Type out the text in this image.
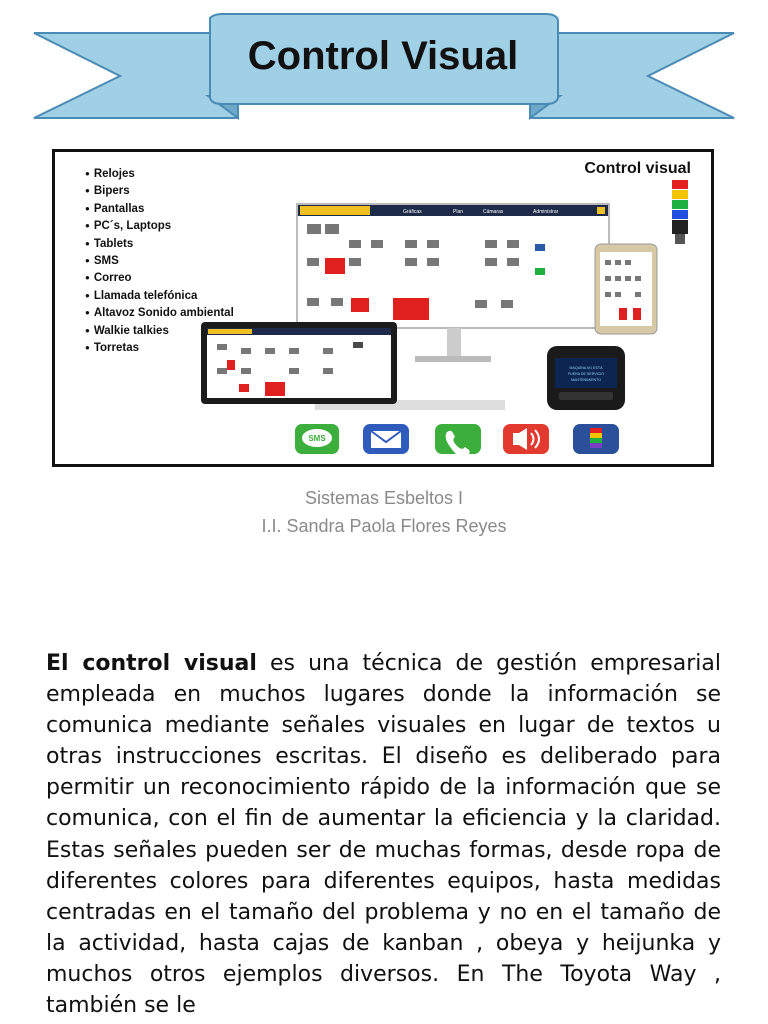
Control Visual
● Relojes
● Bipers
● Pantallas
● PC´s, Laptops
● Tablets
● SMS
● Correo
● Llamada telefónica
● Altavoz Sonido ambiental
● Walkie talkies
● Torretas
Control visual
Gráficas	Plan	Cámaras	Administrar
MAQUINA M1 ESTÁ
FUERA DE SERVICIO
MANTENIMIENTO
SMS
Sistemas Esbeltos I
I.I. Sandra Paola Flores Reyes

El control visual es una técnica de gestión empresarial empleada en muchos lugares donde la información se comunica mediante señales visuales en lugar de textos u otras instrucciones escritas. El diseño es deliberado para permitir un reconocimiento rápido de la información que se comunica, con el fin de aumentar la eficiencia y la claridad. Estas señales pueden ser de muchas formas, desde ropa de diferentes colores para diferentes equipos, hasta medidas centradas en el tamaño del problema y no en el tamaño de la actividad, hasta cajas de kanban , obeya y heijunka y muchos otros ejemplos diversos. En The Toyota Way , también se le
